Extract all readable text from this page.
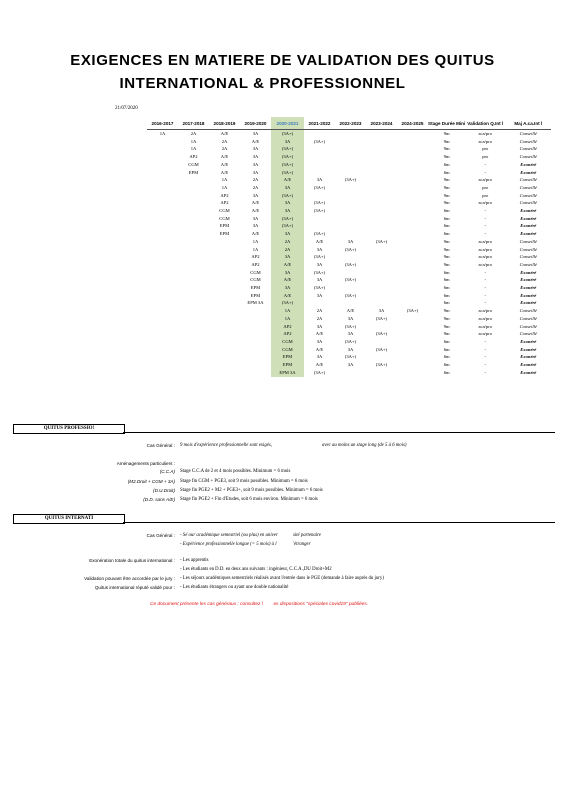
EXIGENCES EN MATIERE DE VALIDATION DES QUITUS
INTERNATIONAL & PROFESSIONNEL
21/07/2020
2016-2017	2017-2018	2018-2019	2019-2020	2020-2021	2021-2022	2022-2023	2023-2024	2024-2025	Stage Durée Mini	Validation Q.Int l	Maj A.ca.Int l
1A	2A	A/E	3A	(3A+)					9m	aca/pro	Conseillé
	1A	2A	A/E	3A	(3A+)				9m	aca/pro	Conseillé
	1A	2A	3A	(3A+)					9m	pro	Conseillé
	AP2	A/E	3A	(3A+)					9m	pro	Conseillé
	CGM	A/E	3A	(3A+)					6m	-	Exonéré
	EPM	A/E	3A	(3A+)					6m	-	Exonéré
		1A	2A	A/E	3A	(3A+)			9m	aca/pro	Conseillé
		1A	2A	3A	(3A+)				9m	pro	Conseillé
		AP2	3A	(3A+)					9m	pro	Conseillé
		AP2	A/E	3A	(3A+)				9m	aca/pro	Conseillé
		CGM	A/E	3A	(3A+)				6m	-	Exonéré
		CGM	3A	(3A+)					6m	-	Exonéré
		EPM	3A	(3A+)					6m	-	Exonéré
		EPM	A/E	3A	(3A+)				6m	-	Exonéré
			1A	2A	A/E	3A	(3A+)		9m	aca/pro	Conseillé
			1A	2A	3A	(3A+)			9m	aca/pro	Conseillé
			AP2	3A	(3A+)				9m	aca/pro	Conseillé
			AP2	A/E	3A	(3A+)			9m	aca/pro	Conseillé
			CGM	3A	(3A+)				6m	-	Exonéré
			CGM	A/E	3A	(3A+)			6m	-	Exonéré
			EPM	3A	(3A+)				6m	-	Exonéré
			EPM	A/E	3A	(3A+)			6m	-	Exonéré
			EPM 3A	(3A+)					6m	-	Exonéré
				1A	2A	A/E	3A	(3A+)	9m	aca/pro	Conseillé
				1A	2A	3A	(3A+)		9m	aca/pro	Conseillé
				AP2	3A	(3A+)			9m	aca/pro	Conseillé
				AP2	A/E	3A	(3A+)		9m	aca/pro	Conseillé
				CGM	3A	(3A+)			6m	-	Exonéré
				CGM	A/E	3A	(3A+)		6m	-	Exonéré
				EPM	3A	(3A+)			6m	-	Exonéré
				EPM	A/E	3A	(3A+)		6m	-	Exonéré
				EPM 3A	(3A+)				6m	-	Exonéré
QUITUS PROFESSIO!
Cas Général : 9 mois d'expérience professionnelle sont exigés,	avec au moins un stage long (de 5 à 6 mois)
Aménagements particuliers :
(C.C.A) Stage C.C.A de 2 et 4 mois possibles. Minimum = 6 mois
(M2.Droit + CGM + 3A) Stage fin CGM + PGE3, soit 9 mois possibles. Minimum = 6 mois
(D.U.Droit) Stage fin PGE2 + M2 + PGE3+, soit 9 mois possibles. Minimum = 6 mois
(D.D. sans A/E) Stage fin PGE2 + Fin d'Etudes, soit 6 mois environ. Minimum = 6 mois
QUITUS INTERNATI
Cas Général : - Sé our académique semestriel (ou plus) en univer	sité partenaire
- Expérience professionnelle longue (= 5 mois) à l	'étranger
Exonération totale du quitus international : - Les apprentis
- Les étudiants en D.D. en deux ans suivants : ingénieur, C.C.A.,DU Droit+M2
Validation pouvant être accordée par le jury : - Les séjours académiques semestriels réalisés avant l'entrée dans le PGE (demande à faire auprès du jury)
Quitus international réputé validé pour : - Les étudiants étrangers ou ayant une double nationalité
Ce document présente les cas généraux : consultez l es dispositions "spéciales covid19" publiées.
